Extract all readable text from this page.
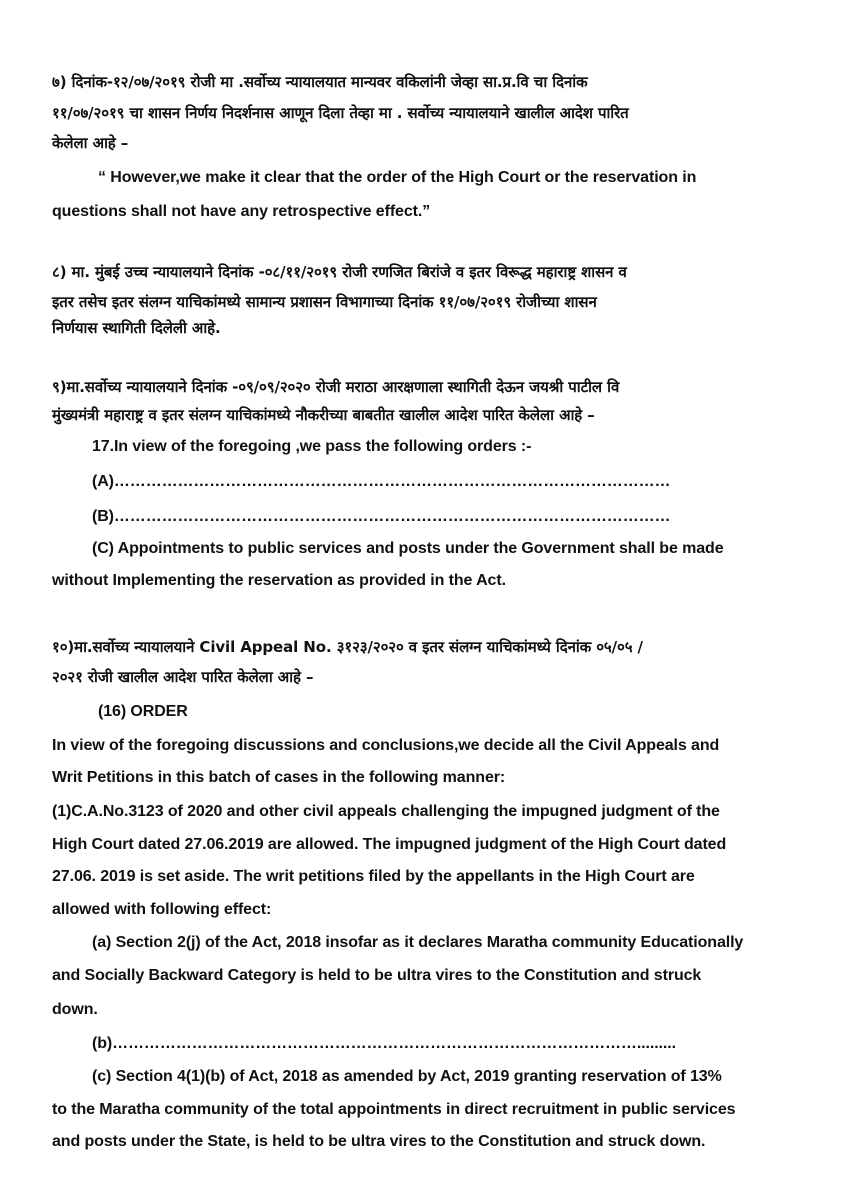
७) दिनांक-१२/०७/२०१९ रोजी मा .सर्वोच्य न्यायालयात मान्यवर वकिलांनी जेव्हा सा.प्र.वि चा दिनांक
११/०७/२०१९ चा शासन निर्णय निदर्शनास आणून दिला तेव्हा मा . सर्वोच्य न्यायालयाने खालील आदेश पारित
केलेला आहे –
“ However,we make it clear that the order of the High Court or the reservation in
questions shall not have any retrospective effect.”
८) मा. मुंबई उच्च न्यायालयाने दिनांक -०८/११/२०१९ रोजी रणजित बिरांजे व इतर विरूद्ध महाराष्ट्र शासन व
इतर तसेच इतर संलग्न याचिकांमध्ये सामान्य प्रशासन विभागाच्या दिनांक ११/०७/२०१९ रोजीच्या शासन
निर्णयास स्थागिती दिलेली आहे.
९)मा.सर्वोच्य न्यायालयाने दिनांक -०९/०९/२०२० रोजी मराठा आरक्षणाला स्थागिती देऊन जयश्री पाटील वि
मुंख्यमंत्री महाराष्ट्र व इतर संलग्न याचिकांमध्ये नौकरीच्या बाबतीत खालील आदेश पारित केलेला आहे –
17.In view of the foregoing ,we pass the following orders :-
(A)……………………………………………………………………………………………
(B)……………………………………………………………………………………………
(C) Appointments to public services and posts under the Government shall be made
without Implementing the reservation as provided in the Act.
१०)मा.सर्वोच्य न्यायालयाने Civil Appeal No. ३१२३/२०२० व इतर संलग्न याचिकांमध्ये दिनांक ०५/०५ /
२०२१ रोजी खालील आदेश पारित केलेला आहे –
(16) ORDER
In view of the foregoing discussions and conclusions,we decide all the Civil Appeals and
Writ Petitions in this batch of cases in the following manner:
(1)C.A.No.3123 of 2020 and other civil appeals challenging the impugned judgment of the
High Court dated 27.06.2019 are allowed. The impugned judgment of the High Court dated
27.06. 2019 is set aside. The writ petitions filed by the appellants in the High Court are
allowed with following effect:
(a) Section 2(j) of the Act, 2018 insofar as it declares Maratha community Educationally
and Socially Backward Category is held to be ultra vires to the Constitution and struck
down.
(b)……………………………………………………………………………………….........
(c) Section 4(1)(b) of Act, 2018 as amended by Act, 2019 granting reservation of 13%
to the Maratha community of the total appointments in direct recruitment in public services
and posts under the State, is held to be ultra vires to the Constitution and struck down.
